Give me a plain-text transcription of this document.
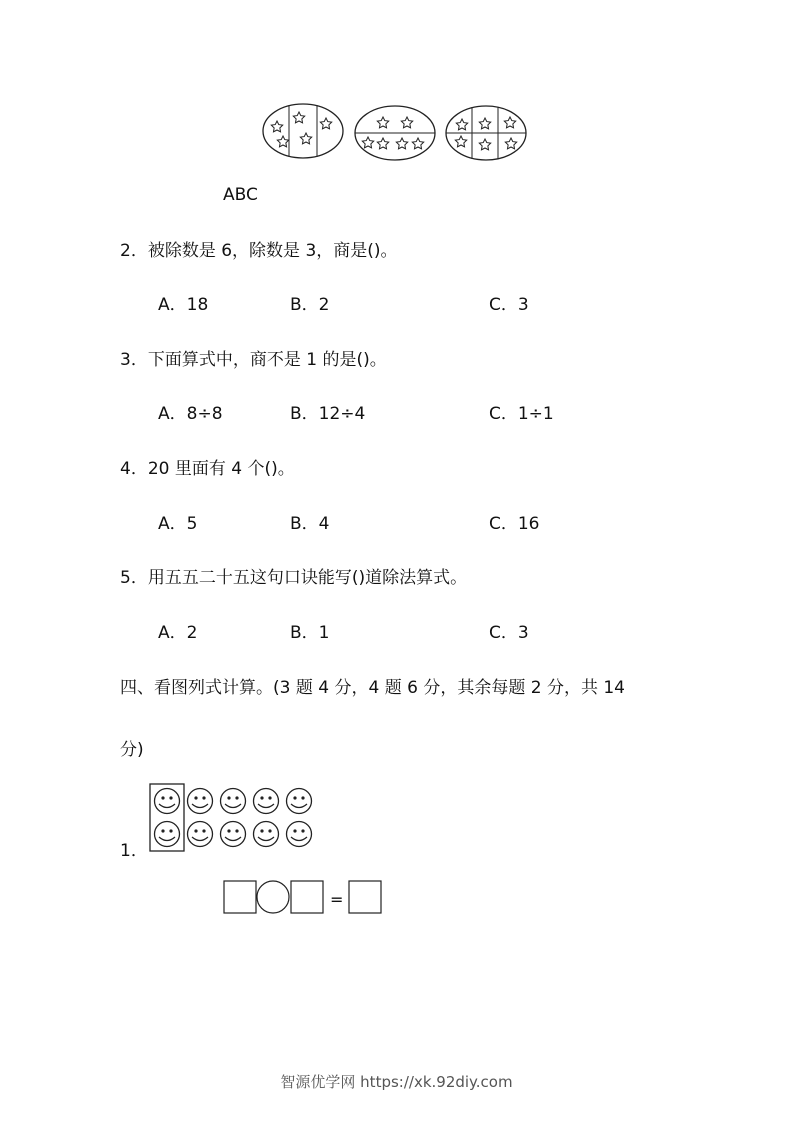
ABC
2．被除数是 6，除数是 3，商是()。
A．18	B．2	C．3
3．下面算式中，商不是 1 的是()。
A．8÷8	B．12÷4	C．1÷1
4．20 里面有 4 个()。
A．5	B．4	C．16
5．用五五二十五这句口诀能写()道除法算式。
A．2	B．1	C．3
四、看图列式计算。(3 题 4 分，4 题 6 分，其余每题 2 分，共 14
分)
1．
=
智源优学网 https://xk.92diy.com
